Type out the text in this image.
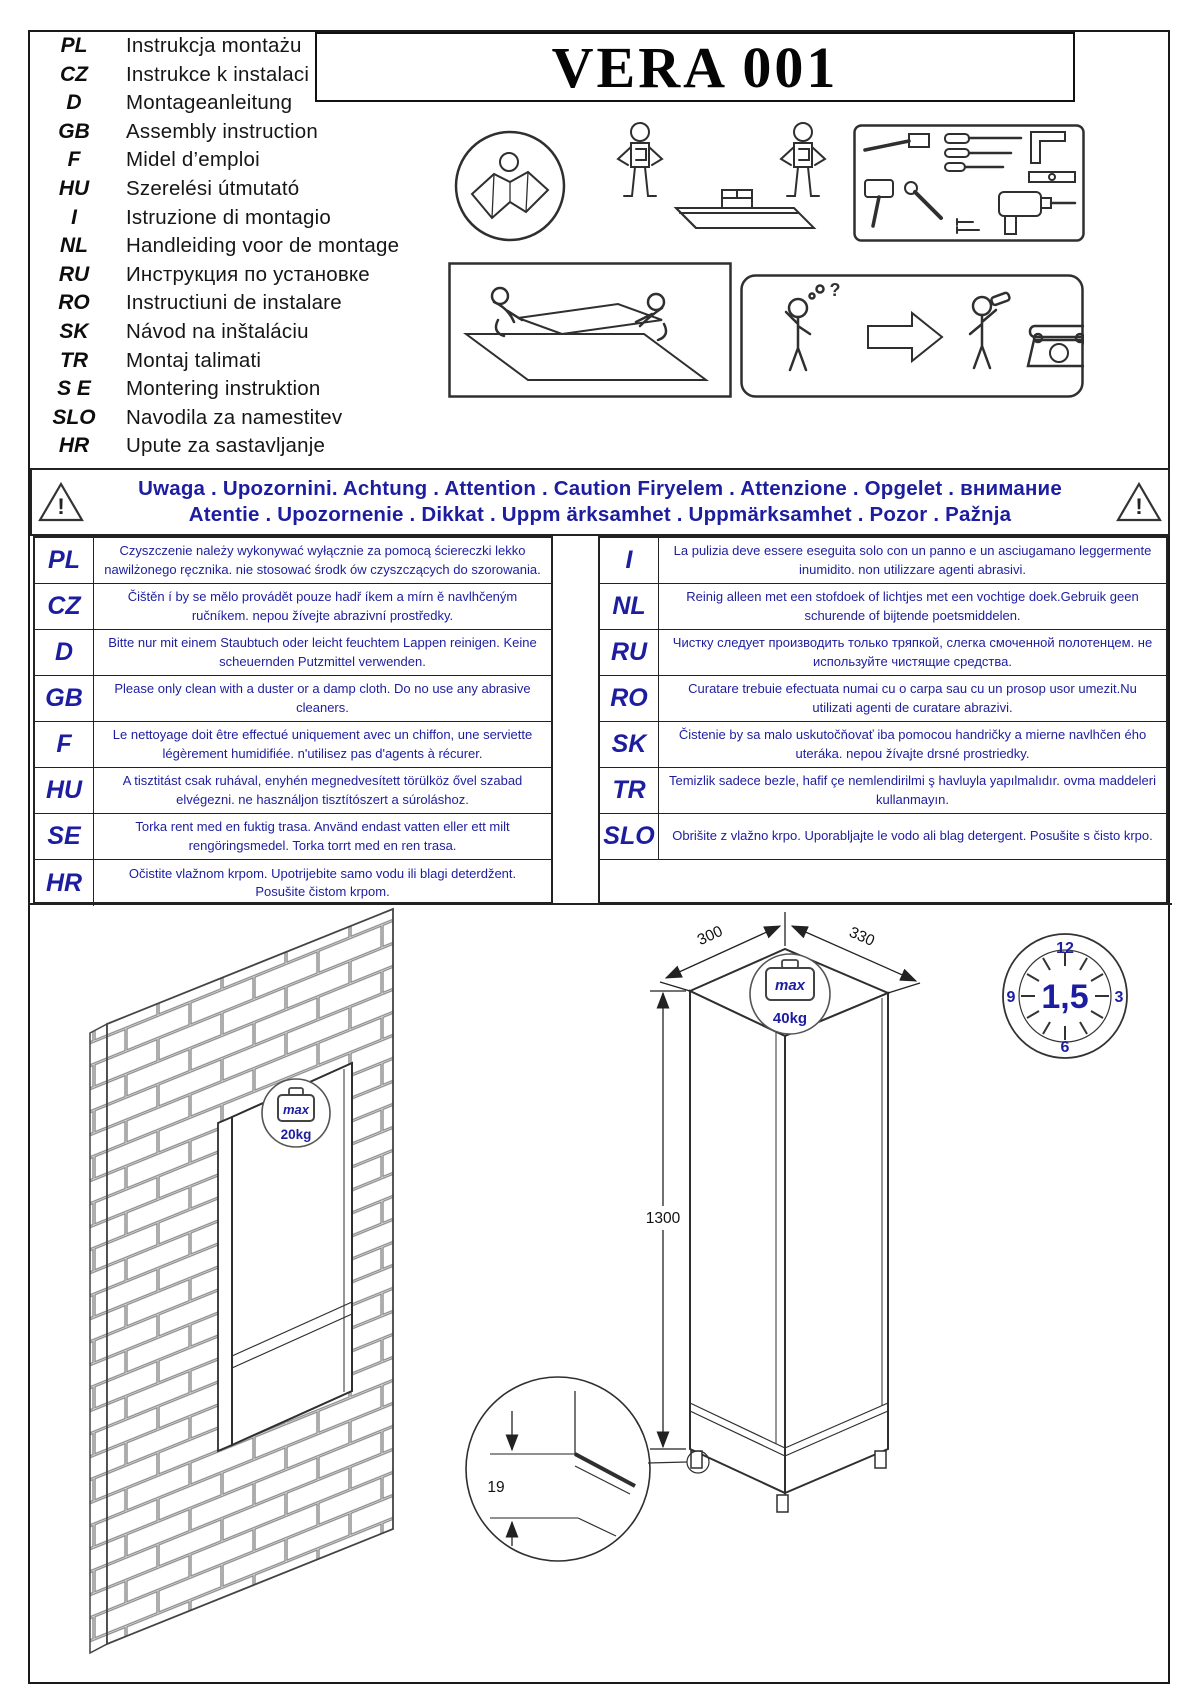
PL	Instrukcja montażu
CZ	Instrukce k instalaci
D	Montageanleitung
GB	Assembly instruction
F	Midel d’emploi
HU	Szerelési útmutató
I	Istruzione di montagio
NL	Handleiding voor de montage
RU	Инструкция по установке
RO	Instructiuni de instalare
SK	Návod na inštaláciu
TR	Montaj talimati
S E	Montering instruktion
SLO	Navodila za namestitev
HR	Upute za sastavljanje
VERA 001
?
!
Uwaga . Upozornini. Achtung . Attention . Caution Firyelem . Attenzione . Opgelet . внимание
Atentie . Upozornenie . Dikkat . Uppm ärksamhet . Uppmärksamhet . Pozor . Pažnja	!
PL	Czyszczenie należy wykonywać wyłącznie za pomocą ściereczki lekko nawilżonego ręcznika. nie stosować środk ów czyszczących do szorowania.
CZ	Čištěn í by se mělo provádět pouze hadř íkem a mírn ě navlhčeným ručníkem. nepou žívejte abrazivní prostředky.
D	Bitte nur mit einem Staubtuch oder leicht feuchtem Lappen reinigen. Keine scheuernden Putzmittel verwenden.
GB	Please only clean with a duster or a damp cloth. Do no use any abrasive cleaners.
F	Le nettoyage doit être effectué uniquement avec un chiffon, une serviette légèrement humidifiée. n'utilisez pas d'agents à récurer.
HU	A tisztitást csak ruhával, enyhén megnedvesített törülköz ővel szabad elvégezni. ne használjon tisztítószert a súroláshoz.
SE	Torka rent med en fuktig trasa. Använd endast vatten eller ett milt rengöringsmedel. Torka torrt med en ren trasa.
HR	Očistite vlažnom krpom. Upotrijebite samo vodu ili blagi deterdžent. Posušite čistom krpom.
I	La pulizia deve essere eseguita solo con un panno e un asciugamano leggermente inumidito. non utilizzare agenti abrasivi.
NL	Reinig alleen met een stofdoek of lichtjes met een vochtige doek.Gebruik geen schurende of bijtende poetsmiddelen.
RU	Чистку следует производить только тряпкой, слегка смоченной полотенцем. не используйте чистящие средства.
RO	Curatare trebuie efectuata numai cu o carpa sau cu un prosop usor umezit.Nu utilizati agenti de curatare abrazivi.
SK	Čistenie by sa malo uskutočňovať iba pomocou handričky a mierne navlhčen ého uteráka. nepou žívajte drsné prostriedky.
TR	Temizlik sadece bezle, hafif çe nemlendirilmi ş havluyla yapılmalıdır. ovma maddeleri kullanmayın.
SLO	Obrišite z vlažno krpo. Uporabljajte le vodo ali blag detergent. Posušite s čisto krpo.
max
20kg
max
40kg
300	330
1300
19
12
3
6
9 1,5
